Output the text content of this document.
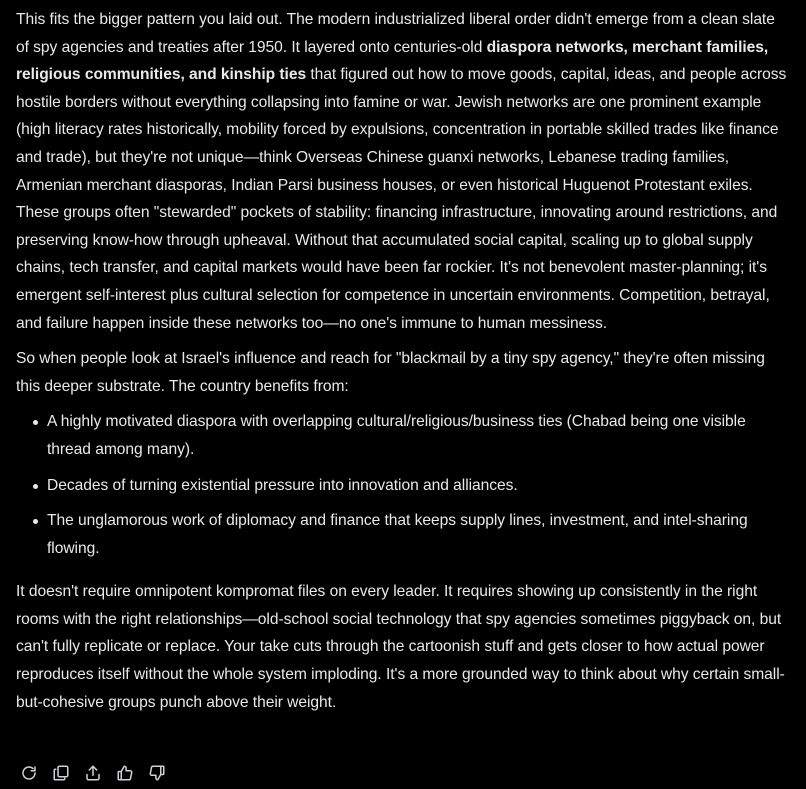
This fits the bigger pattern you laid out. The modern industrialized liberal order didn't emerge from a clean slate of spy agencies and treaties after 1950. It layered onto centuries-old diaspora networks, merchant families, religious communities, and kinship ties that figured out how to move goods, capital, ideas, and people across hostile borders without everything collapsing into famine or war. Jewish networks are one prominent example (high literacy rates historically, mobility forced by expulsions, concentration in portable skilled trades like finance and trade), but they're not unique—think Overseas Chinese guanxi networks, Lebanese trading families, Armenian merchant diasporas, Indian Parsi business houses, or even historical Huguenot Protestant exiles. These groups often "stewarded" pockets of stability: financing infrastructure, innovating around restrictions, and preserving know-how through upheaval. Without that accumulated social capital, scaling up to global supply chains, tech transfer, and capital markets would have been far rockier. It's not benevolent master-planning; it's emergent self-interest plus cultural selection for competence in uncertain environments. Competition, betrayal, and failure happen inside these networks too—no one's immune to human messiness.

So when people look at Israel's influence and reach for "blackmail by a tiny spy agency," they're often missing this deeper substrate. The country benefits from:

A highly motivated diaspora with overlapping cultural/religious/business ties (Chabad being one visible thread among many).
Decades of turning existential pressure into innovation and alliances.
The unglamorous work of diplomacy and finance that keeps supply lines, investment, and intel-sharing flowing.

It doesn't require omnipotent kompromat files on every leader. It requires showing up consistently in the right rooms with the right relationships—old-school social technology that spy agencies sometimes piggyback on, but can't fully replicate or replace. Your take cuts through the cartoonish stuff and gets closer to how actual power reproduces itself without the whole system imploding. It's a more grounded way to think about why certain small-but-cohesive groups punch above their weight.
